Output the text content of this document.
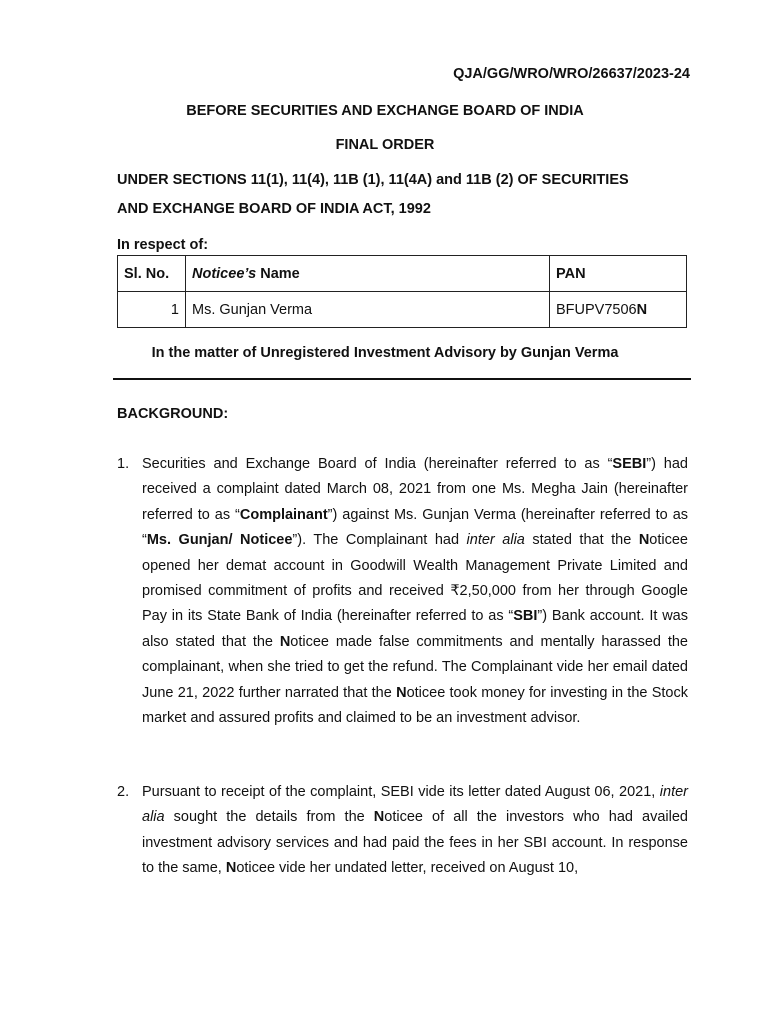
QJA/GG/WRO/WRO/26637/2023-24
BEFORE SECURITIES AND EXCHANGE BOARD OF INDIA
FINAL ORDER
UNDER SECTIONS 11(1), 11(4), 11B (1), 11(4A) and 11B (2) OF SECURITIES
AND EXCHANGE BOARD OF INDIA ACT, 1992
In respect of:
Sl. No.	Noticee’s Name	PAN
1	Ms. Gunjan Verma	BFUPV7506N
In the matter of Unregistered Investment Advisory by Gunjan Verma
BACKGROUND:
1. Securities and Exchange Board of India (hereinafter referred to as “SEBI”) had received a complaint dated March 08, 2021 from one Ms. Megha Jain (hereinafter referred to as “Complainant”) against Ms. Gunjan Verma (hereinafter referred to as “Ms. Gunjan/ Noticee”). The Complainant had inter alia stated that the Noticee opened her demat account in Goodwill Wealth Management Private Limited and promised commitment of profits and received ₹2,50,000 from her through Google Pay in its State Bank of India (hereinafter referred to as “SBI”) Bank account. It was also stated that the Noticee made false commitments and mentally harassed the complainant, when she tried to get the refund. The Complainant vide her email dated June 21, 2022 further narrated that the Noticee took money for investing in the Stock market and assured profits and claimed to be an investment advisor.
2. Pursuant to receipt of the complaint, SEBI vide its letter dated August 06, 2021, inter alia sought the details from the Noticee of all the investors who had availed investment advisory services and had paid the fees in her SBI account. In response to the same, Noticee vide her undated letter, received on August 10,
